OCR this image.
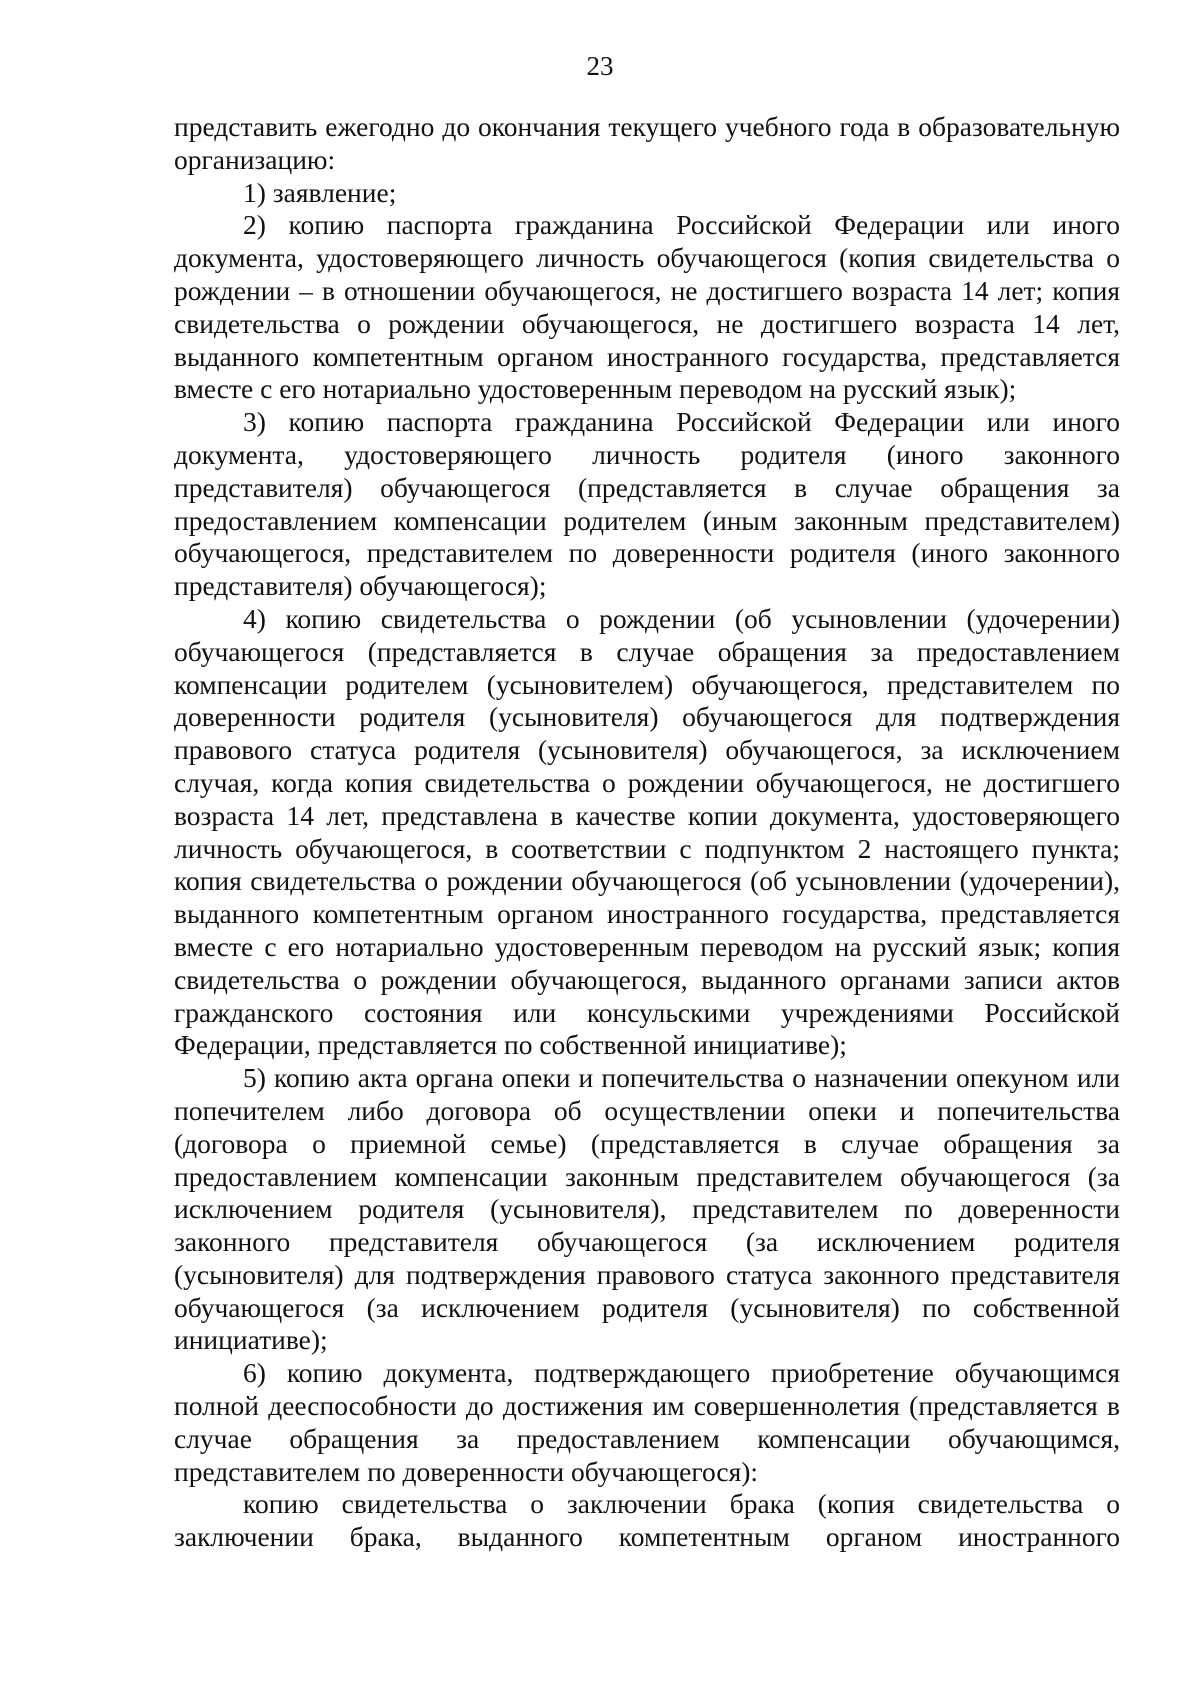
23

представить ежегодно до окончания текущего учебного года в образовательную организацию:

1) заявление;

2) копию паспорта гражданина Российской Федерации или иного документа, удостоверяющего личность обучающегося (копия свидетельства о рождении – в отношении обучающегося, не достигшего возраста 14 лет; копия свидетельства о рождении обучающегося, не достигшего возраста 14 лет, выданного компетентным органом иностранного государства, представляется вместе с его нотариально удостоверенным переводом на русский язык);

3) копию паспорта гражданина Российской Федерации или иного документа, удостоверяющего личность родителя (иного законного представителя) обучающегося (представляется в случае обращения за предоставлением компенсации родителем (иным законным представителем) обучающегося, представителем по доверенности родителя (иного законного представителя) обучающегося);

4) копию свидетельства о рождении (об усыновлении (удочерении) обучающегося (представляется в случае обращения за предоставлением компенсации родителем (усыновителем) обучающегося, представителем по доверенности родителя (усыновителя) обучающегося для подтверждения правового статуса родителя (усыновителя) обучающегося, за исключением случая, когда копия свидетельства о рождении обучающегося, не достигшего возраста 14 лет, представлена в качестве копии документа, удостоверяющего личность обучающегося, в соответствии с подпунктом 2 настоящего пункта; копия свидетельства о рождении обучающегося (об усыновлении (удочерении), выданного компетентным органом иностранного государства, представляется вместе с его нотариально удостоверенным переводом на русский язык; копия свидетельства о рождении обучающегося, выданного органами записи актов гражданского состояния или консульскими учреждениями Российской Федерации, представляется по собственной инициативе);

5) копию акта органа опеки и попечительства о назначении опекуном или попечителем либо договора об осуществлении опеки и попечительства (договора о приемной семье) (представляется в случае обращения за предоставлением компенсации законным представителем обучающегося (за исключением родителя (усыновителя), представителем по доверенности законного представителя обучающегося (за исключением родителя (усыновителя) для подтверждения правового статуса законного представителя обучающегося (за исключением родителя (усыновителя) по собственной инициативе);

6) копию документа, подтверждающего приобретение обучающимся полной дееспособности до достижения им совершеннолетия (представляется в случае обращения за предоставлением компенсации обучающимся, представителем по доверенности обучающегося):

копию свидетельства о заключении брака (копия свидетельства о заключении брака, выданного компетентным органом иностранного
